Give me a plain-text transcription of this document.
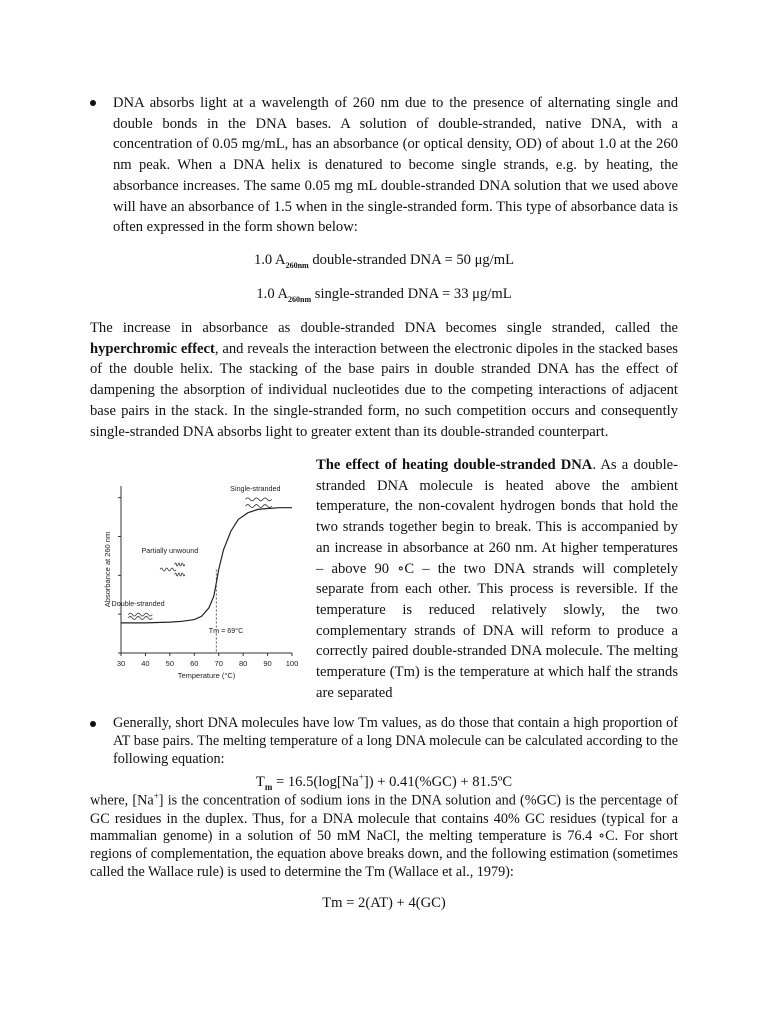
DNA absorbs light at a wavelength of 260 nm due to the presence of alternating single and double bonds in the DNA bases. A solution of double-stranded, native DNA, with a concentration of 0.05 mg/mL, has an absorbance (or optical density, OD) of about 1.0 at the 260 nm peak. When a DNA helix is denatured to become single strands, e.g. by heating, the absorbance increases. The same 0.05 mg mL double-stranded DNA solution that we used above will have an absorbance of 1.5 when in the single-stranded form. This type of absorbance data is often expressed in the form shown below:
1.0 $A_{260nm}$ double-stranded DNA = 50 μg/mL
1.0 $A_{260nm}$ single-stranded DNA = 33 μg/mL
The increase in absorbance as double-stranded DNA becomes single stranded, called the hyperchromic effect, and reveals the interaction between the electronic dipoles in the stacked bases of the double helix. The stacking of the base pairs in double stranded DNA has the effect of dampening the absorption of individual nucleotides due to the competing interactions of adjacent base pairs in the stack. In the single-stranded form, no such competition occurs and consequently single-stranded DNA absorbs light to greater extent than its double-stranded counterpart.
30 40 50 60 70 80 90 100
Temperature (°C)
Absorbance at 260 nm
Single-stranded
Partially unwound
Double-stranded
Tm = 69°C
The effect of heating double-stranded DNA. As a double-stranded DNA molecule is heated above the ambient temperature, the non-covalent hydrogen bonds that hold the two strands together begin to break. This is accompanied by an increase in absorbance at 260 nm. At higher temperatures – above 90 ∘C – the two DNA strands will completely separate from each other. This process is reversible. If the temperature is reduced relatively slowly, the two complementary strands of DNA will reform to produce a correctly paired double-stranded DNA molecule. The melting temperature (Tm) is the temperature at which half the strands are separated
Generally, short DNA molecules have low Tm values, as do those that contain a high proportion of AT base pairs. The melting temperature of a long DNA molecule can be calculated according to the following equation:
$T_m = 16.5(\log[Na^+]) + 0.41(\%GC)$ + 81.5ºC
where, [Na+] is the concentration of sodium ions in the DNA solution and (%GC) is the percentage of GC residues in the duplex. Thus, for a DNA molecule that contains 40% GC residues (typical for a mammalian genome) in a solution of 50 mM NaCl, the melting temperature is 76.4 ∘C. For short regions of complementation, the equation above breaks down, and the following estimation (sometimes called the Wallace rule) is used to determine the Tm (Wallace et al., 1979):
Tm = 2(AT) + 4(GC)
